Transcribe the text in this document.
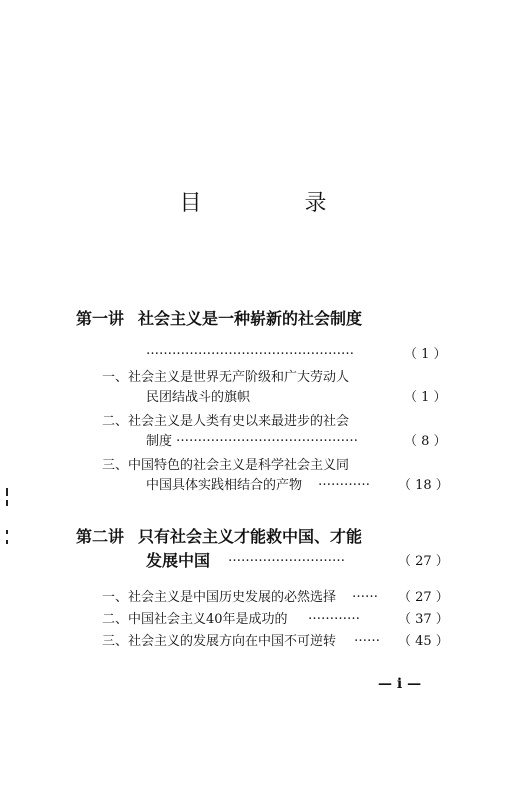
目 录
第一讲 社会主义是一种崭新的社会制度
…………………………………………	（ 1 ）
一、社会主义是世界无产阶级和广大劳动人
民团结战斗的旗帜	（ 1 ）
二、社会主义是人类有史以来最进步的社会
制度 ……………………………………	（ 8 ）
三、中国特色的社会主义是科学社会主义同
中国具体实践相结合的产物 ………… （ 18 ）
第二讲 只有社会主义才能救中国、才能
发展中国 ………………………	（ 27 ）
一、社会主义是中国历史发展的必然选择 …… （ 27 ）
二、中国社会主义40年是成功的 …………	（ 37 ）
三、社会主义的发展方向在中国不可逆转 …… （ 45 ）
— i —
